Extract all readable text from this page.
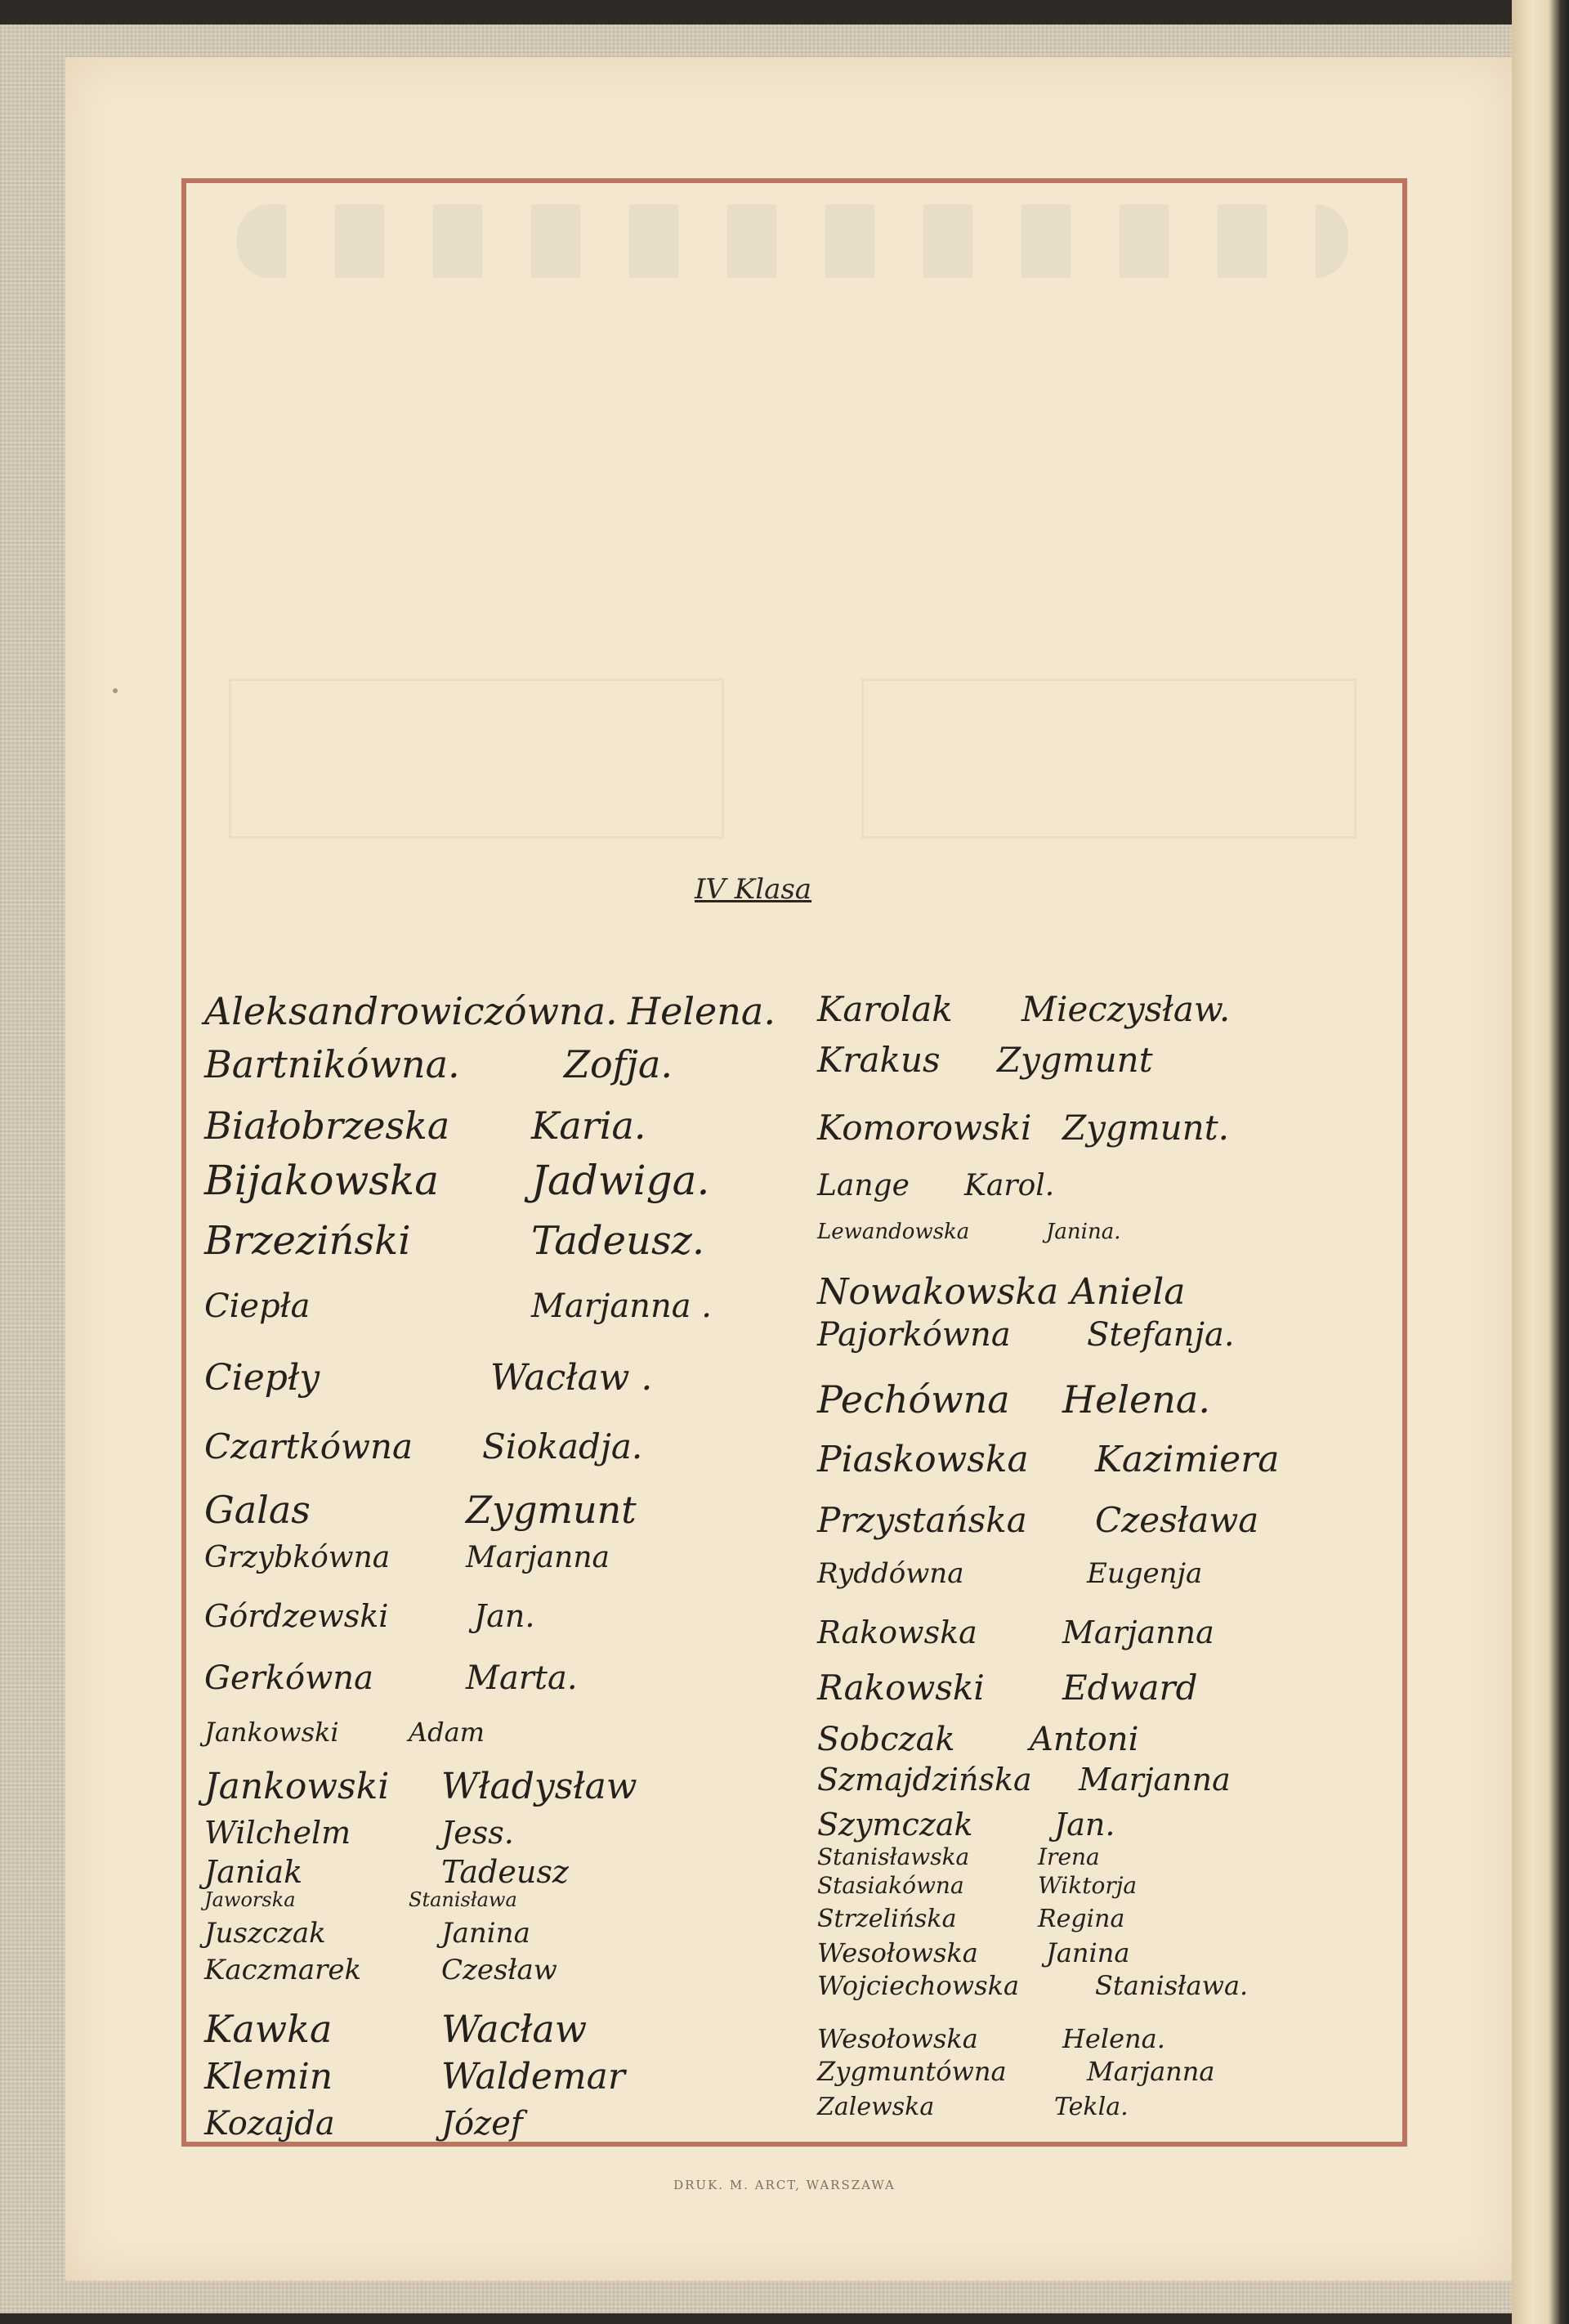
IV Klasa
Aleksandrowiczówna. Helena.
Bartnikówna.	Zofja.
Białobrzeska Karia.
Bijakowska Jadwiga.
Brzeziński	Tadeusz.
Ciepła	Marjanna .
Ciepły	Wacław .
Czartkówna Siokadja.
Galas	Zygmunt
Grzybkówna	Marjanna
Górdzewski	Jan.
Gerkówna	Marta.
Jankowski	Adam
Jankowski Władysław
Wilchelm	Jess.
Janiak	Tadeusz
Jaworska	Stanisława
Juszczak	Janina
Kaczmarek	Czesław
Kawka	Wacław
Klemin	Waldemar
Kozajda	Józef
Karolak Mieczysław.
Krakus Zygmunt
Komorowski Zygmunt.
Lange Karol.
Lewandowska	Janina.
Nowakowska Aniela
Pajorkówna Stefanja.
Pechówna Helena.
Piaskowska Kazimiera
Przystańska Czesława
Ryddówna	Eugenja
Rakowska	Marjanna
Rakowski Edward
Sobczak Antoni
Szmajdzińska Marjanna
Szymczak	Jan.
Stanisławska	Irena
Stasiakówna	Wiktorja
Strzelińska	Regina
Wesołowska	Janina
Wojciechowska	Stanisława.
Wesołowska	Helena.
Zygmuntówna	Marjanna
Zalewska	Tekla.
DRUK. M. ARCT, WARSZAWA
